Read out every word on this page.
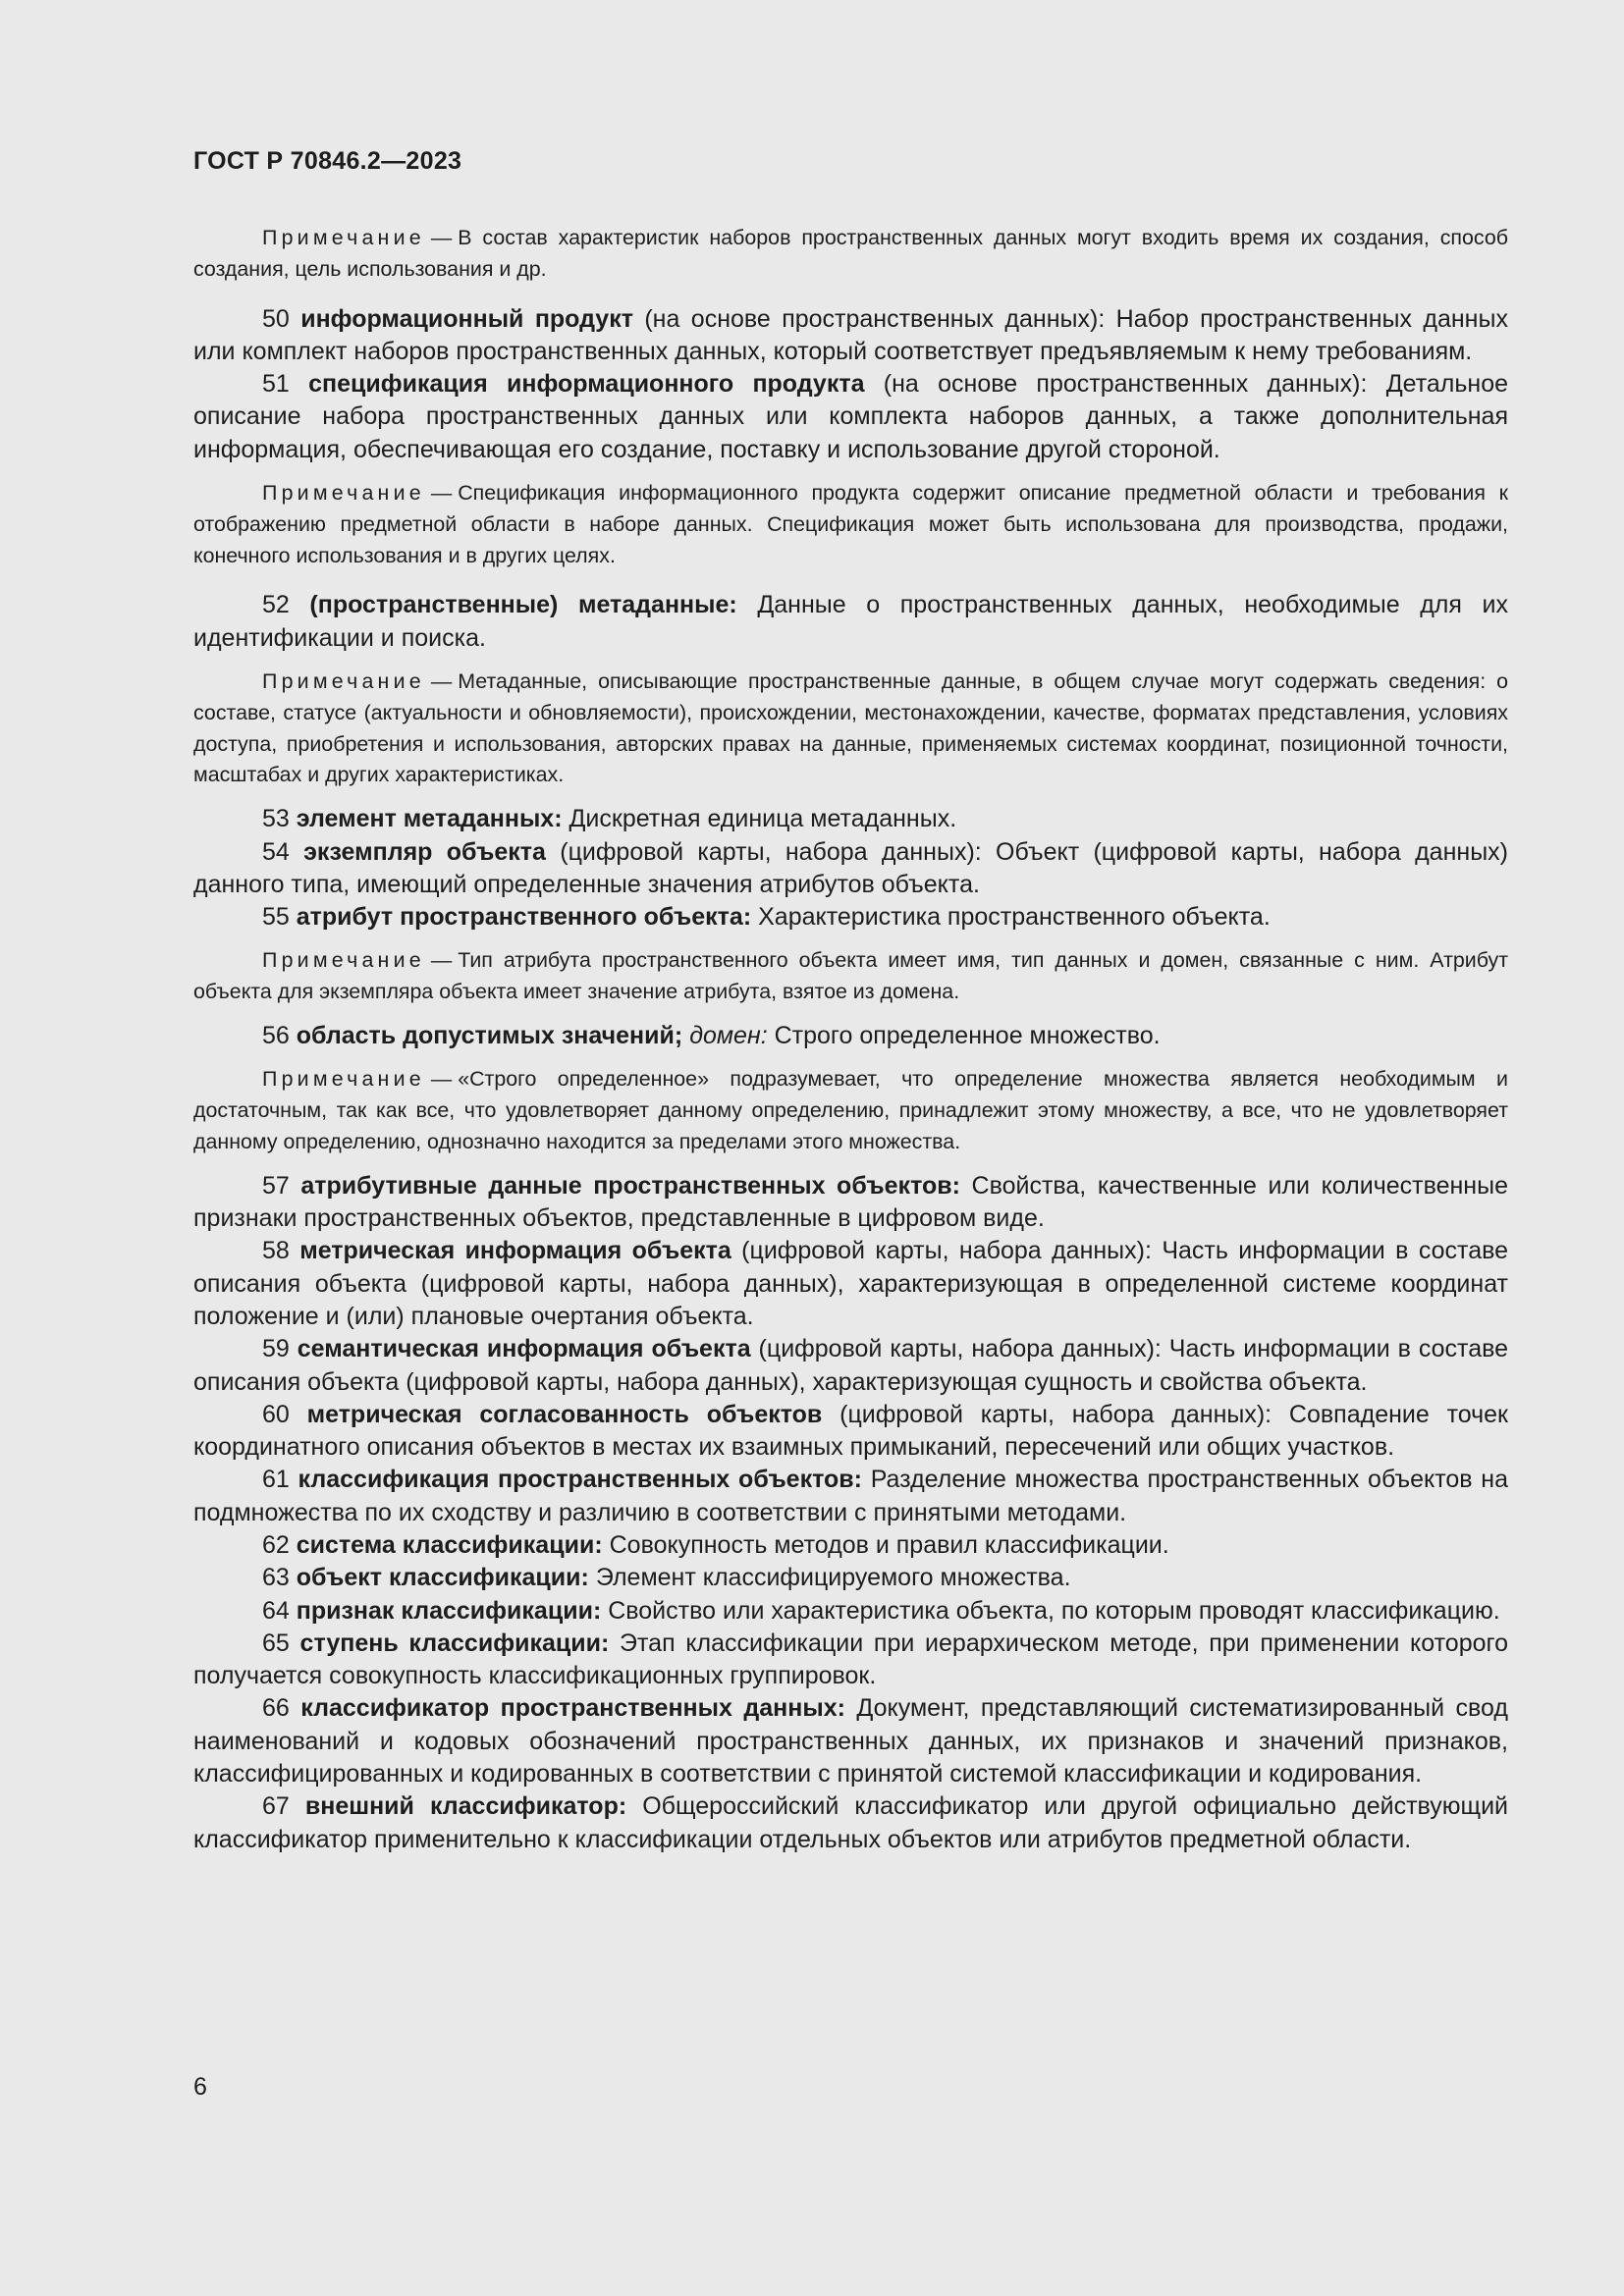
ГОСТ Р 70846.2—2023

Примечание — В состав характеристик наборов пространственных данных могут входить время их создания, способ создания, цель использования и др.

50 информационный продукт (на основе пространственных данных): Набор пространственных данных или комплект наборов пространственных данных, который соответствует предъявляемым к нему требованиям.

51 спецификация информационного продукта (на основе пространственных данных): Детальное описание набора пространственных данных или комплекта наборов данных, а также дополнительная информация, обеспечивающая его создание, поставку и использование другой стороной.

Примечание — Спецификация информационного продукта содержит описание предметной области и требования к отображению предметной области в наборе данных. Спецификация может быть использована для производства, продажи, конечного использования и в других целях.

52 (пространственные) метаданные: Данные о пространственных данных, необходимые для их идентификации и поиска.

Примечание — Метаданные, описывающие пространственные данные, в общем случае могут содержать сведения: о составе, статусе (актуальности и обновляемости), происхождении, местонахождении, качестве, форматах представления, условиях доступа, приобретения и использования, авторских правах на данные, применяемых системах координат, позиционной точности, масштабах и других характеристиках.

53 элемент метаданных: Дискретная единица метаданных.

54 экземпляр объекта (цифровой карты, набора данных): Объект (цифровой карты, набора данных) данного типа, имеющий определенные значения атрибутов объекта.

55 атрибут пространственного объекта: Характеристика пространственного объекта.

Примечание — Тип атрибута пространственного объекта имеет имя, тип данных и домен, связанные с ним. Атрибут объекта для экземпляра объекта имеет значение атрибута, взятое из домена.

56 область допустимых значений; домен: Строго определенное множество.

Примечание — «Строго определенное» подразумевает, что определение множества является необходимым и достаточным, так как все, что удовлетворяет данному определению, принадлежит этому множеству, а все, что не удовлетворяет данному определению, однозначно находится за пределами этого множества.

57 атрибутивные данные пространственных объектов: Свойства, качественные или количественные признаки пространственных объектов, представленные в цифровом виде.

58 метрическая информация объекта (цифровой карты, набора данных): Часть информации в составе описания объекта (цифровой карты, набора данных), характеризующая в определенной системе координат положение и (или) плановые очертания объекта.

59 семантическая информация объекта (цифровой карты, набора данных): Часть информации в составе описания объекта (цифровой карты, набора данных), характеризующая сущность и свойства объекта.

60 метрическая согласованность объектов (цифровой карты, набора данных): Совпадение точек координатного описания объектов в местах их взаимных примыканий, пересечений или общих участков.

61 классификация пространственных объектов: Разделение множества пространственных объектов на подмножества по их сходству и различию в соответствии с принятыми методами.

62 система классификации: Совокупность методов и правил классификации.

63 объект классификации: Элемент классифицируемого множества.

64 признак классификации: Свойство или характеристика объекта, по которым проводят классификацию.

65 ступень классификации: Этап классификации при иерархическом методе, при применении которого получается совокупность классификационных группировок.

66 классификатор пространственных данных: Документ, представляющий систематизированный свод наименований и кодовых обозначений пространственных данных, их признаков и значений признаков, классифицированных и кодированных в соответствии с принятой системой классификации и кодирования.

67 внешний классификатор: Общероссийский классификатор или другой официально действующий классификатор применительно к классификации отдельных объектов или атрибутов предметной области.

6
